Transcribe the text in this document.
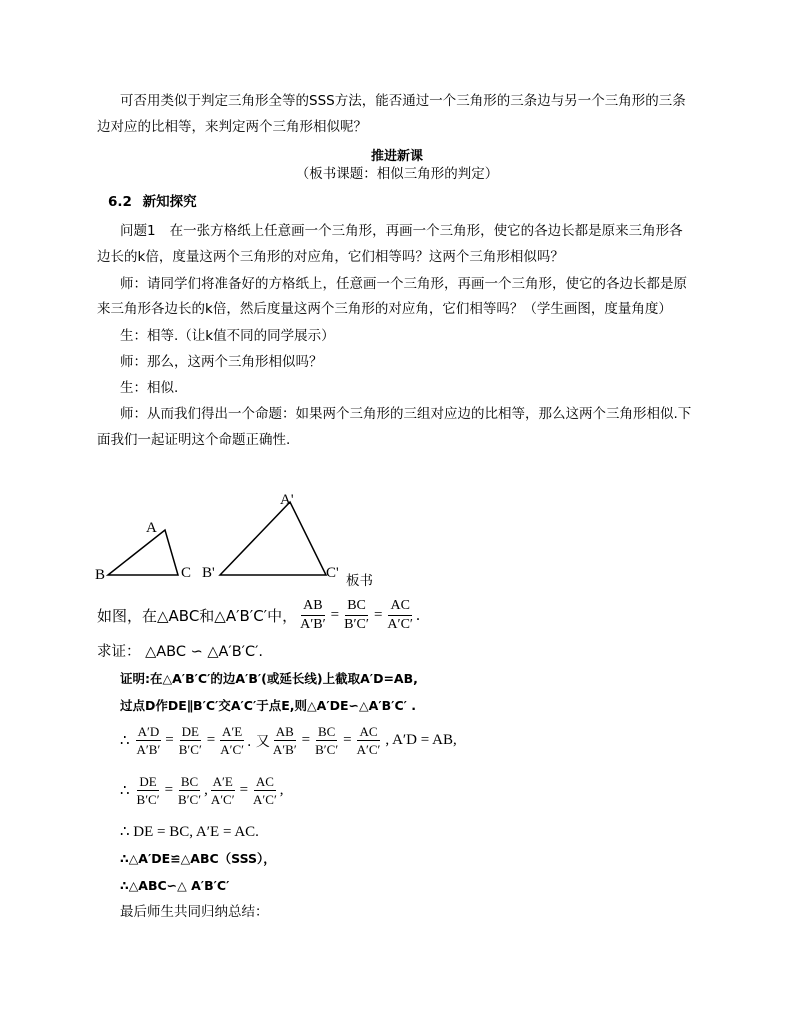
可否用类似于判定三角形全等的SSS方法，能否通过一个三角形的三条边与另一个三角形的三条
边对应的比相等，来判定两个三角形相似呢？
推进新课
（板书课题：相似三角形的判定）
6.2 新知探究
问题1 在一张方格纸上任意画一个三角形，再画一个三角形，使它的各边长都是原来三角形各
边长的k倍，度量这两个三角形的对应角，它们相等吗？这两个三角形相似吗？
师：请同学们将准备好的方格纸上，任意画一个三角形，再画一个三角形，使它的各边长都是原
来三角形各边长的k倍，然后度量这两个三角形的对应角，它们相等吗？（学生画图，度量角度）
生：相等.（让k值不同的同学展示）
师：那么，这两个三角形相似吗？
生：相似.
师：从而我们得出一个命题：如果两个三角形的三组对应边的比相等，那么这两个三角形相似.下
面我们一起证明这个命题正确性.
A
B	C
A'
B'	C' 板书
如图，在△ABC和△A′B′C′中， $\frac{AB}{A'B'} = \frac{BC}{B'C'} = \frac{AC}{A'C'}$ .
求证： △ABC ∽ △A′B′C′.
证明:在△A′B′C′的边A′B′(或延长线)上截取A′D=AB,
过点D作DE∥B′C′交A′C′于点E,则△A′DE∽△A′B′C′ .
∴ $\frac{A'D}{A'B'} = \frac{DE}{B'C'} = \frac{A'E}{A'C'}$ . 又 $\frac{AB}{A'B'} = \frac{BC}{B'C'} = \frac{AC}{A'C'}$ , A′D = AB,
∴ $\frac{DE}{B'C'} = \frac{BC}{B'C'}$ , $\frac{A'E}{A'C'} = \frac{AC}{A'C'}$ ,
∴ DE = BC, A′E = AC.
∴△A′DE≌△ABC（SSS），
∴△ABC∽△ A′B′C′
最后师生共同归纳总结：
